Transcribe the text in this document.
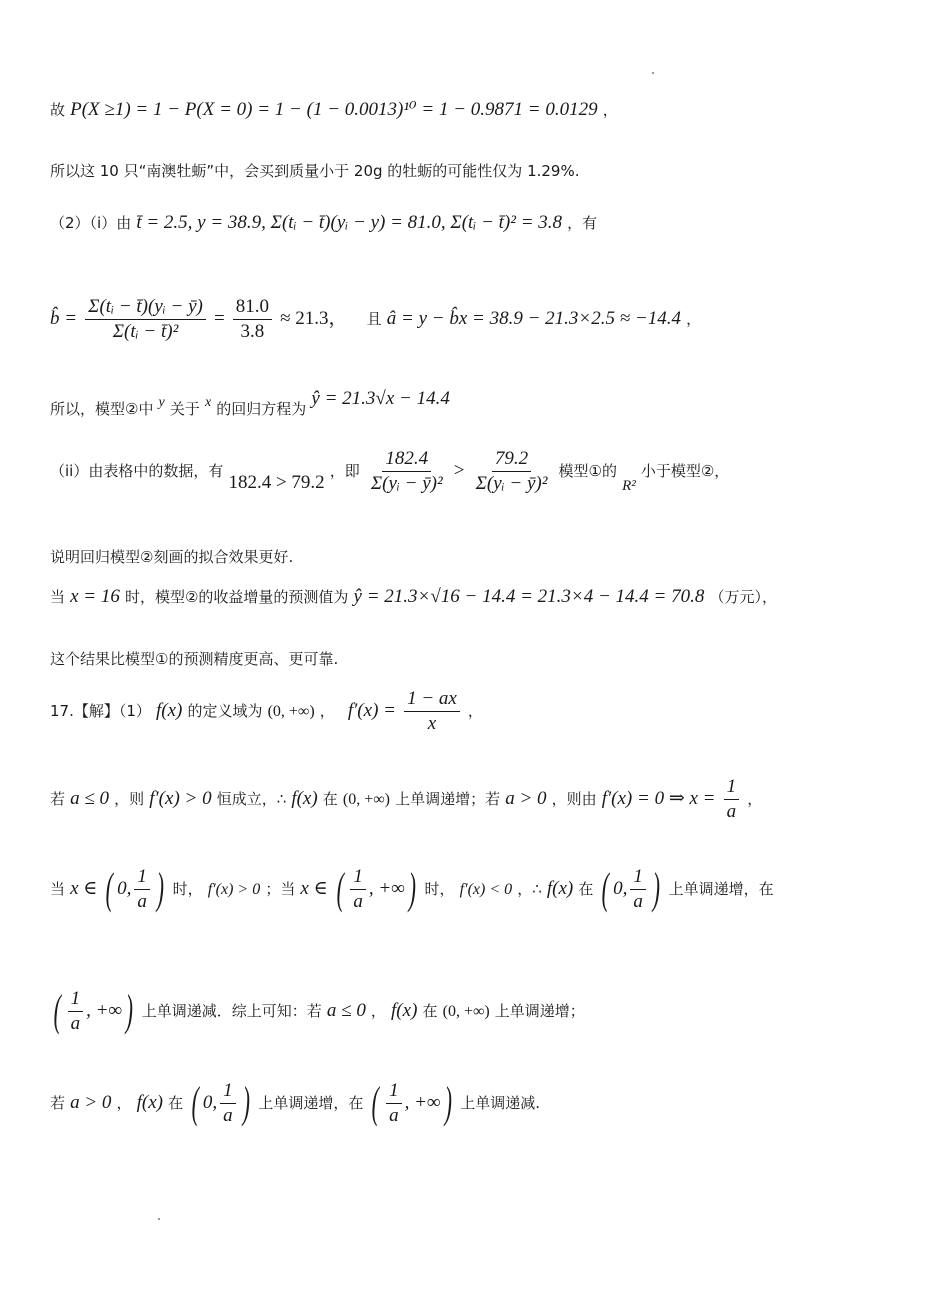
故 P(X ≥1) = 1 − P(X = 0) = 1 − (1 − 0.0013)¹⁰ = 1 − 0.9871 = 0.0129 ，
所以这 10 只“南澳牡蛎”中，会买到质量小于 20g 的牡蛎的可能性仅为 1.29%.
（2）（i）由 t̄ = 2.5, y = 38.9, Σ(tᵢ − t̄)(yᵢ − y) = 81.0, Σ(tᵢ − t̄)² = 3.8 ，有
b̂ = $\frac{\text{Σ(tᵢ − t̄)(yᵢ − ȳ)}}{\text{Σ(tᵢ − t̄)²}} = \frac{81.0}{3.8} \approx 21.3$， 且 â = y − b̂x = 38.9 − 21.3×2.5 ≈ −14.4 ，
所以，模型②中 y 关于 x 的回归方程为 ŷ = 21.3√x − 14.4
（ii）由表格中的数据，有 182.4 > 79.2 ，即 $\frac{182.4}{\text{Σ(yᵢ − ȳ)²}} > \frac{79.2}{\text{Σ(yᵢ − ȳ)²}}$ 模型①的 R² 小于模型②，
说明回归模型②刻画的拟合效果更好.
当 x = 16 时，模型②的收益增量的预测值为 ŷ = 21.3×√16 − 14.4 = 21.3×4 − 14.4 = 70.8 （万元），
这个结果比模型①的预测精度更高、更可靠.
17.【解】（1） f(x) 的定义域为 (0, +∞) ， $f'(x) = \frac{1 - ax}{x}$ ，
若 a ≤ 0 ，则 f′(x) > 0 恒成立，∴ f(x) 在 (0, +∞) 上单调递增；若 a > 0 ，则由 f′(x) = 0 ⇒ $x = \frac{1}{a}$ ，
当 x ∈ ( 0, $\frac{1}{a}$ ) 时， f′(x) > 0 ；当 x ∈ ( $\frac{1}{a}$ , +∞ ) 时， f′(x) < 0 ，∴ f(x) 在 ( 0, $\frac{1}{a}$ ) 上单调递增，在
( $\frac{1}{a}$ , +∞ ) 上单调递减．综上可知：若 a ≤ 0 ， f(x) 在 (0, +∞) 上单调递增；
若 a > 0 ， f(x) 在 ( 0, $\frac{1}{a}$ ) 上单调递增，在 ( $\frac{1}{a}$ , +∞ ) 上单调递减.
